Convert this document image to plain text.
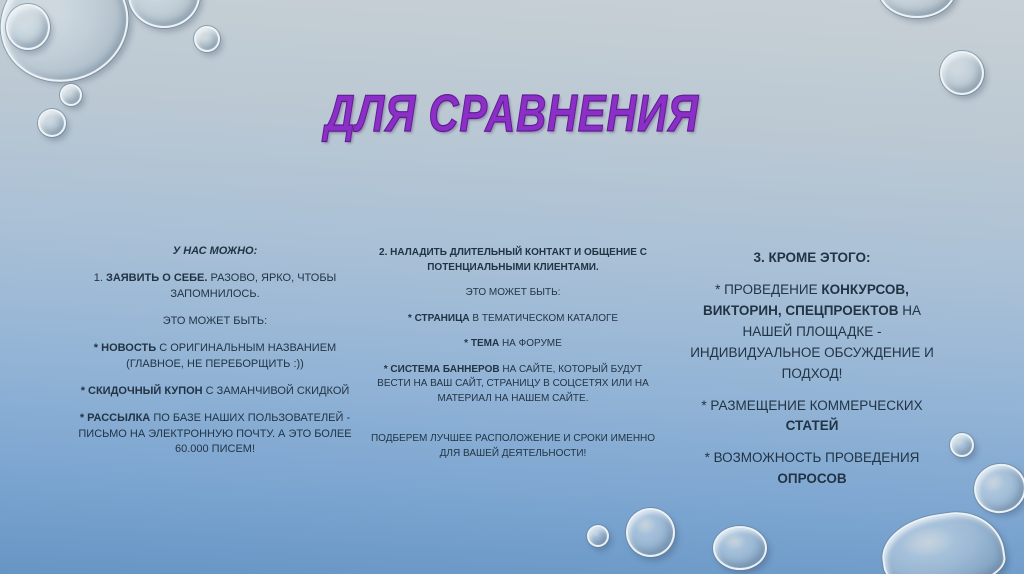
ДЛЯ СРАВНЕНИЯ

У НАС МОЖНО:

1. ЗАЯВИТЬ О СЕБЕ. РАЗОВО, ЯРКО, ЧТОБЫ ЗАПОМНИЛОСЬ.

ЭТО МОЖЕТ БЫТЬ:

* НОВОСТЬ С ОРИГИНАЛЬНЫМ НАЗВАНИЕМ (ГЛАВНОЕ, НЕ ПЕРЕБОРЩИТЬ :))

* СКИДОЧНЫЙ КУПОН С ЗАМАНЧИВОЙ СКИДКОЙ

* РАССЫЛКА ПО БАЗЕ НАШИХ ПОЛЬЗОВАТЕЛЕЙ - ПИСЬМО НА ЭЛЕКТРОННУЮ ПОЧТУ. А ЭТО БОЛЕЕ 60.000 ПИСЕМ!

2. НАЛАДИТЬ ДЛИТЕЛЬНЫЙ КОНТАКТ И ОБЩЕНИЕ С ПОТЕНЦИАЛЬНЫМИ КЛИЕНТАМИ.

ЭТО МОЖЕТ БЫТЬ:

* СТРАНИЦА В ТЕМАТИЧЕСКОМ КАТАЛОГЕ

* ТЕМА НА ФОРУМЕ

* СИСТЕМА БАННЕРОВ НА САЙТЕ, КОТОРЫЙ БУДУТ ВЕСТИ НА ВАШ САЙТ, СТРАНИЦУ В СОЦСЕТЯХ ИЛИ НА МАТЕРИАЛ НА НАШЕМ САЙТЕ.

ПОДБЕРЕМ ЛУЧШЕЕ РАСПОЛОЖЕНИЕ И СРОКИ ИМЕННО ДЛЯ ВАШЕЙ ДЕЯТЕЛЬНОСТИ!

3. КРОМЕ ЭТОГО:

* ПРОВЕДЕНИЕ КОНКУРСОВ, ВИКТОРИН, СПЕЦПРОЕКТОВ НА НАШЕЙ ПЛОЩАДКЕ - ИНДИВИДУАЛЬНОЕ ОБСУЖДЕНИЕ И ПОДХОД!

* РАЗМЕЩЕНИЕ КОММЕРЧЕСКИХ СТАТЕЙ

* ВОЗМОЖНОСТЬ ПРОВЕДЕНИЯ ОПРОСОВ
